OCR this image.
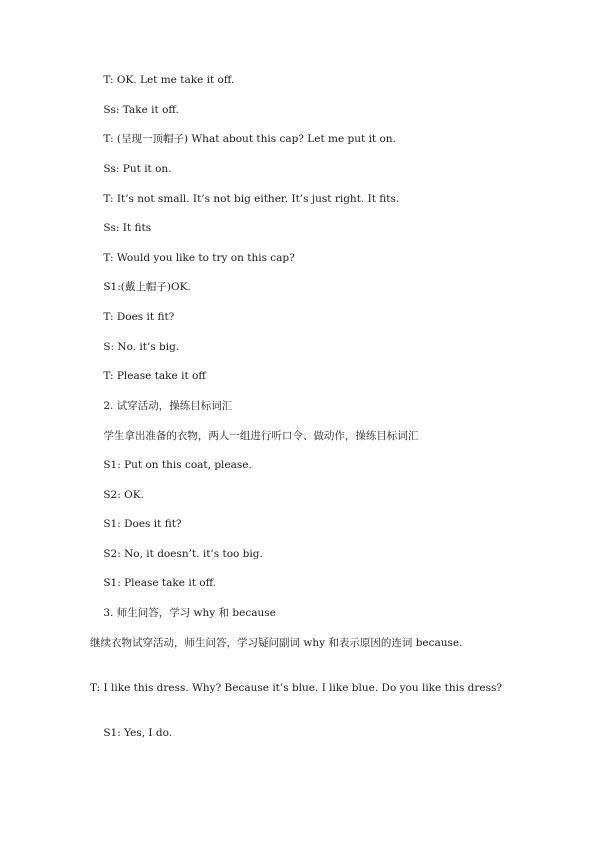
T: OK. Let me take it off.
Ss: Take it off.
T: (呈现一顶帽子) What about this cap? Let me put it on.
Ss: Put it on.
T: It’s not small. It’s not big either. It’s just right. It fits.
Ss: It fits
T: Would you like to try on this cap?
S1:(戴上帽子)OK.
T: Does it fit?
S: No. it’s big.
T: Please take it off
2. 试穿活动，操练目标词汇
学生拿出准备的衣物，两人一组进行听口令、做动作，操练目标词汇
S1: Put on this coat, please.
S2: OK.
S1: Does it fit?
S2: No, it doesn’t. it’s too big.
S1: Please take it off.
3. 师生问答，学习 why 和 because
继续衣物试穿活动，师生问答，学习疑问副词 why 和表示原因的连词 because.
T: I like this dress. Why? Because it’s blue. I like blue. Do you like this dress?
S1: Yes, I do.
